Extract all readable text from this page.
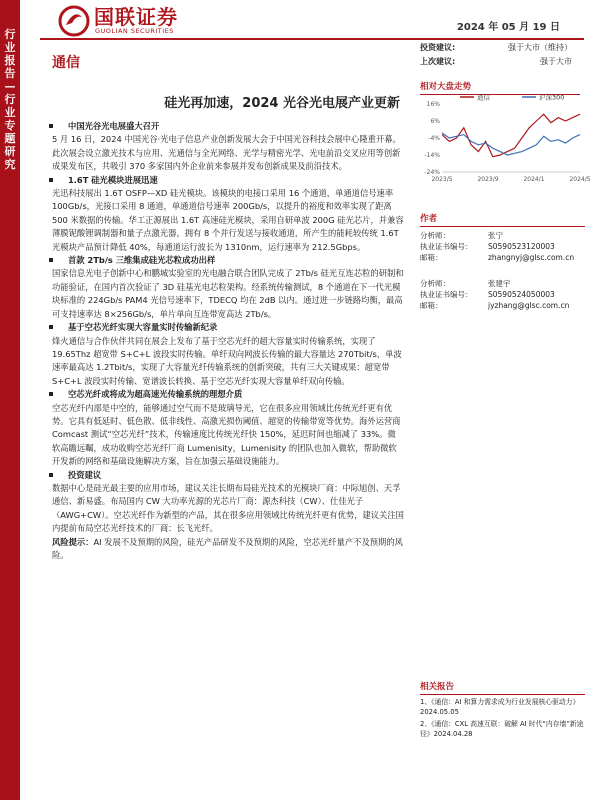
行业报告—行业专题研究
国联证券
GUOLIAN SECURITIES	2024 年 05 月 19 日
通信
投资建议:	强于大市（维持）
上次建议:	强于大市
硅光再加速，2024 光谷光电展产业更新
中国光谷光电展盛大召开
5 月 16 日，2024 中国光谷·光电子信息产业创新发展大会于中国光谷科技会展中心隆重开幕。此次展会设立激光技术与应用、光通信与全光网络、光学与精密光学、光电前沿交叉应用等创新成果发布区，共吸引 370 多家国内外企业前来参展并发布创新成果及前沿技术。
1.6T 硅光模块进展迅速
光迅科技展出 1.6T OSFP—XD 硅光模块。该模块的电接口采用 16 个通道，单通道信号速率 100Gb/s，光接口采用 8 通道，单通道信号速率 200Gb/s，以提升的裕度和效率实现了距离 500 米数据的传输。华工正源展出 1.6T 高速硅光模块，采用自研单波 200G 硅光芯片，并兼容薄膜铌酸锂调制器和量子点激光器，拥有 8 个并行发送与接收通道，所产生的能耗较传统 1.6T 光模块产品预计降低 40%，每通道运行波长为 1310nm，运行速率为 212.5Gbps。
首款 2Tb/s 三维集成硅光芯粒成功出样
国家信息光电子创新中心和鹏城实验室的光电融合联合团队完成了 2Tb/s 硅光互连芯粒的研制和功能验证，在国内首次验证了 3D 硅基光电芯粒架构。经系统传输测试，8 个通道在下一代光模块标准的 224Gb/s PAM4 光信号速率下，TDECQ 均在 2dB 以内。通过进一步链路均衡，最高可支持速率达 8×256Gb/s，单片单向互连带宽高达 2Tb/s。
基于空芯光纤实现大容量实时传输新纪录
烽火通信与合作伙伴共同在展会上发布了基于空芯光纤的超大容量实时传输系统，实现了 19.65Thz 超宽带 S+C+L 波段实时传输。单纤双向网波长传输的最大容量达 270Tbit/s，单波速率最高达 1.2Tbit/s，实现了大容量光纤传输系统的创新突破，共有三大关键成果：超宽带 S+C+L 波段实时传输、宽谱波长转换、基于空芯光纤实现大容量单纤双向传输。
空芯光纤或将成为超高速光传输系统的理想介质
空芯光纤内部是中空的，能够通过空气而不是玻璃导光，它在很多应用领域比传统光纤更有优势。它具有低延时、低色散、低非线性、高激光损伤阈值、超宽的传输带宽等优势。海外运营商 Comcast 测试“空芯光纤”技术，传输速度比传统光纤快 150%，延迟时间也缩减了 33%。微软高瞻远瞩，成功收购空芯光纤厂商 Lumenisity，Lumenisity 的团队也加入微软，帮助微软开发新的网络和基础设施解决方案，旨在加强云基础设施能力。
投资建议
数据中心是硅光最主要的应用市场，建议关注长期布局硅光技术的光模块厂商：中际旭创、天孚通信、新易盛。布局国内 CW 大功率光源的光芯片厂商：源杰科技（CW）、仕佳光子（AWG+CW）。空芯光纤作为新型的产品，其在很多应用领域比传统光纤更有优势，建议关注国内提前布局空芯光纤技术的厂商：长飞光纤。
风险提示：AI 发展不及预期的风险，硅光产品研发不及预期的风险，空芯光纤量产不及预期的风险。
相对大盘走势
通信	沪深300
16%
6%
-4%
-14%
-24%
2023/5	2023/9	2024/1	2024/5
作者
分析师：	张宁
执业证书编号： S0590523120003
邮箱：	zhangnyj@glsc.com.cn
分析师：	张建宇
执业证书编号： S0590524050003
邮箱：	jyzhang@glsc.com.cn
相关报告
1、《通信：AI 和算力需求成为行业发展核心驱动力》2024.05.05
2、《通信：CXL 高速互联：破解 AI 时代“内存墙”新途径》2024.04.28
